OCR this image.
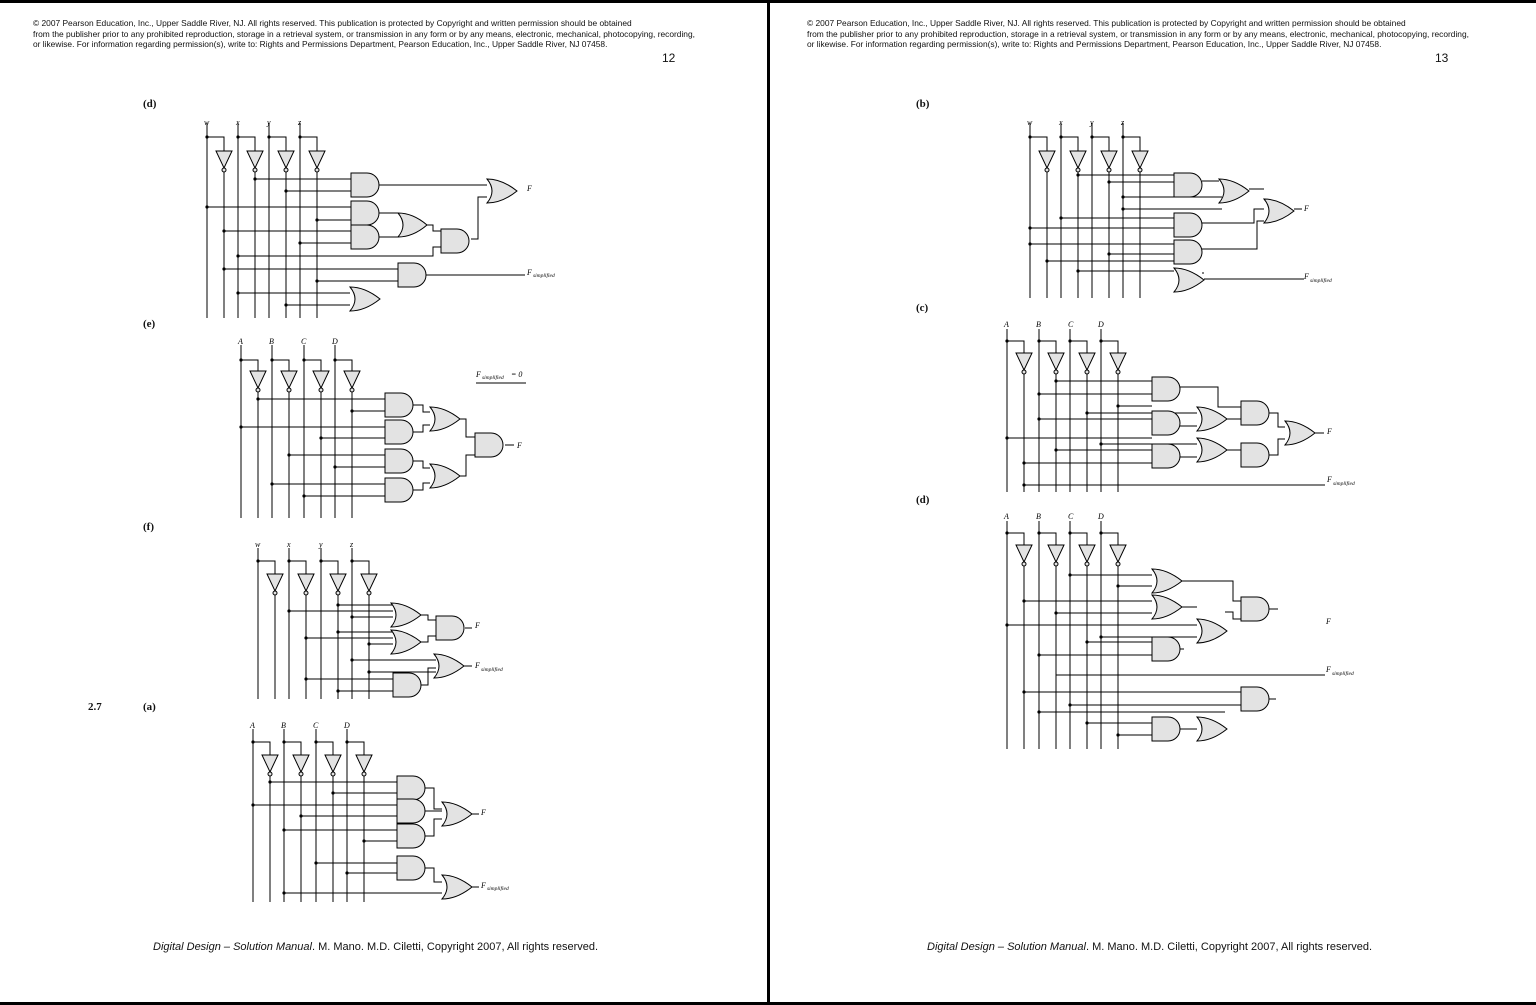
© 2007 Pearson Education, Inc., Upper Saddle River, NJ. All rights reserved. This publication is protected by Copyright and written permission should be obtained
from the publisher prior to any prohibited reproduction, storage in a retrieval system, or transmission in any form or by any means, electronic, mechanical, photocopying, recording,
or likewise. For information regarding permission(s), write to: Rights and Permissions Department, Pearson Education, Inc., Upper Saddle River, NJ 07458.
12
(d)
(e)
(f)
2.7	(a)
w	x	y	z
F
F simplified
A	B	C	D
F
F simplified = 0
w	x	y	z
F
F simplified
A	B	C	D
F
F simplified
Digital Design – Solution Manual. M. Mano. M.D. Ciletti, Copyright 2007, All rights reserved.
© 2007 Pearson Education, Inc., Upper Saddle River, NJ. All rights reserved. This publication is protected by Copyright and written permission should be obtained
from the publisher prior to any prohibited reproduction, storage in a retrieval system, or transmission in any form or by any means, electronic, mechanical, photocopying, recording,
or likewise. For information regarding permission(s), write to: Rights and Permissions Department, Pearson Education, Inc., Upper Saddle River, NJ 07458.
13
(b)
(c)
(d)
w	x	y	z
F
F simplified
A	B	C	D
F
F simplified
A	B	C	D
F
F simplified
Digital Design – Solution Manual. M. Mano. M.D. Ciletti, Copyright 2007, All rights reserved.
